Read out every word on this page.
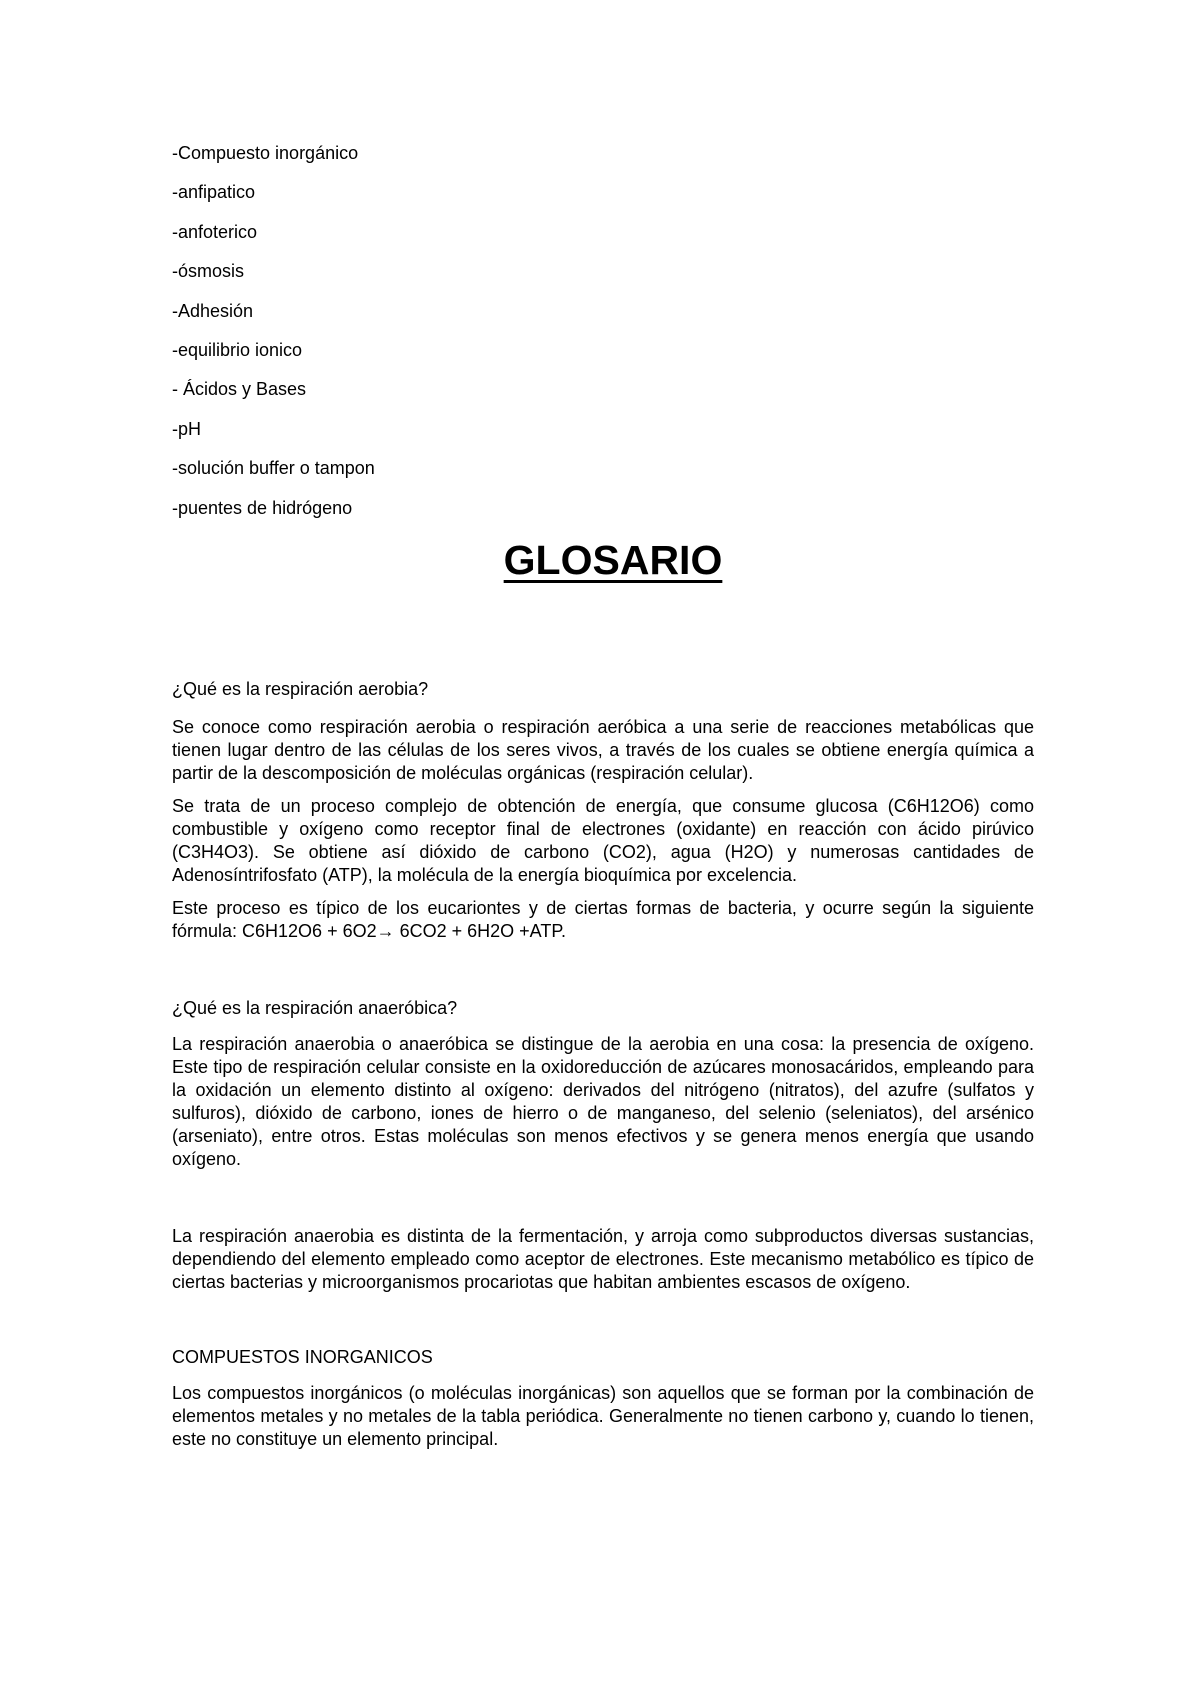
-Compuesto inorgánico
-anfipatico
-anfoterico
-ósmosis
-Adhesión
-equilibrio ionico
- Ácidos y Bases
-pH
-solución buffer o tampon
-puentes de hidrógeno
GLOSARIO

¿Qué es la respiración aerobia?

Se conoce como respiración aerobia o respiración aeróbica a una serie de reacciones metabólicas que tienen lugar dentro de las células de los seres vivos, a través de los cuales se obtiene energía química a partir de la descomposición de moléculas orgánicas (respiración celular).

Se trata de un proceso complejo de obtención de energía, que consume glucosa (C6H12O6) como combustible y oxígeno como receptor final de electrones (oxidante) en reacción con ácido pirúvico (C3H4O3). Se obtiene así dióxido de carbono (CO2), agua (H2O) y numerosas cantidades de Adenosíntrifosfato (ATP), la molécula de la energía bioquímica por excelencia.

Este proceso es típico de los eucariontes y de ciertas formas de bacteria, y ocurre según la siguiente fórmula: C6H12O6 + 6O2→ 6CO2 + 6H2O +ATP.

¿Qué es la respiración anaeróbica?

La respiración anaerobia o anaeróbica se distingue de la aerobia en una cosa: la presencia de oxígeno. Este tipo de respiración celular consiste en la oxidoreducción de azúcares monosacáridos, empleando para la oxidación un elemento distinto al oxígeno: derivados del nitrógeno (nitratos), del azufre (sulfatos y sulfuros), dióxido de carbono, iones de hierro o de manganeso, del selenio (seleniatos), del arsénico (arseniato), entre otros. Estas moléculas son menos efectivos y se genera menos energía que usando oxígeno.

La respiración anaerobia es distinta de la fermentación, y arroja como subproductos diversas sustancias, dependiendo del elemento empleado como aceptor de electrones. Este mecanismo metabólico es típico de ciertas bacterias y microorganismos procariotas que habitan ambientes escasos de oxígeno.

COMPUESTOS INORGANICOS

Los compuestos inorgánicos (o moléculas inorgánicas) son aquellos que se forman por la combinación de elementos metales y no metales de la tabla periódica. Generalmente no tienen carbono y, cuando lo tienen, este no constituye un elemento principal.
